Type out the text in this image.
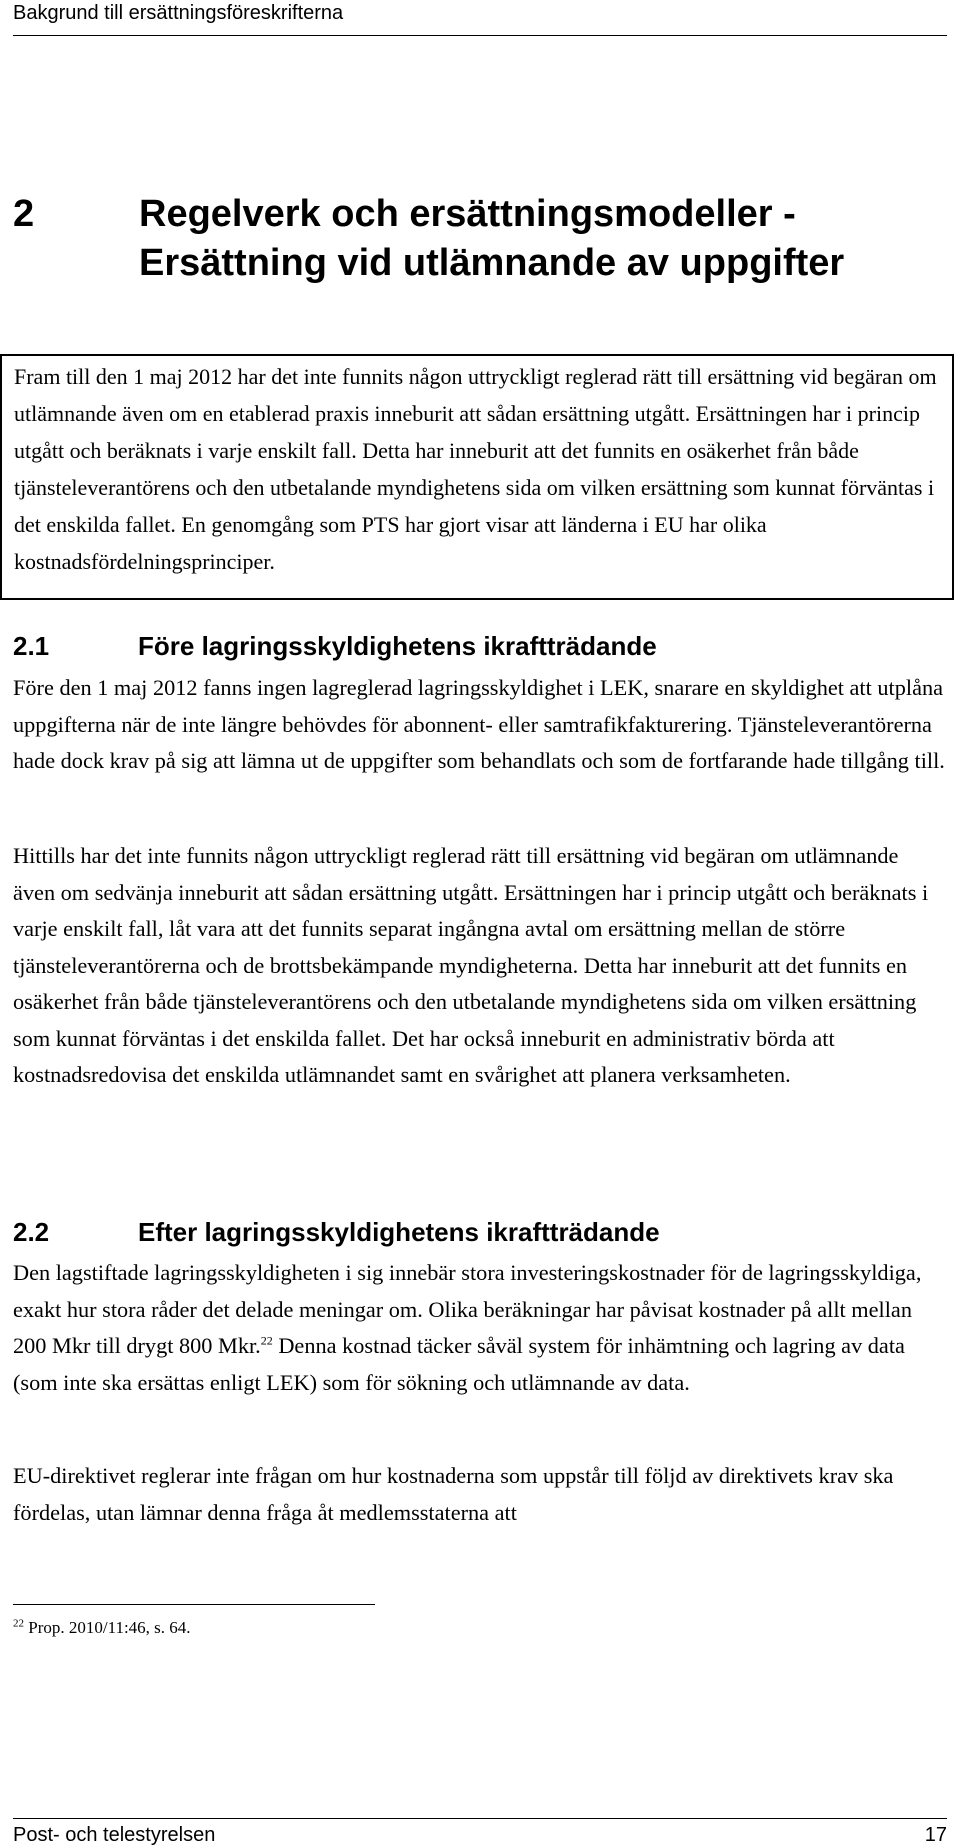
Bakgrund till ersättningsföreskrifterna
2	Regelverk och ersättningsmodeller - Ersättning vid utlämnande av uppgifter

Fram till den 1 maj 2012 har det inte funnits någon uttryckligt reglerad rätt till ersättning vid begäran om utlämnande även om en etablerad praxis inneburit att sådan ersättning utgått. Ersättningen har i princip utgått och beräknats i varje enskilt fall. Detta har inneburit att det funnits en osäkerhet från både tjänsteleverantörens och den utbetalande myndighetens sida om vilken ersättning som kunnat förväntas i det enskilda fallet. En genomgång som PTS har gjort visar att länderna i EU har olika kostnadsfördelningsprinciper.

2.1	Före lagringsskyldighetens ikraftträdande

Före den 1 maj 2012 fanns ingen lagreglerad lagringsskyldighet i LEK, snarare en skyldighet att utplåna uppgifterna när de inte längre behövdes för abonnent- eller samtrafikfakturering. Tjänsteleverantörerna hade dock krav på sig att lämna ut de uppgifter som behandlats och som de fortfarande hade tillgång till.

Hittills har det inte funnits någon uttryckligt reglerad rätt till ersättning vid begäran om utlämnande även om sedvänja inneburit att sådan ersättning utgått. Ersättningen har i princip utgått och beräknats i varje enskilt fall, låt vara att det funnits separat ingångna avtal om ersättning mellan de större tjänsteleverantörerna och de brottsbekämpande myndigheterna. Detta har inneburit att det funnits en osäkerhet från både tjänsteleverantörens och den utbetalande myndighetens sida om vilken ersättning som kunnat förväntas i det enskilda fallet. Det har också inneburit en administrativ börda att kostnadsredovisa det enskilda utlämnandet samt en svårighet att planera verksamheten.

2.2	Efter lagringsskyldighetens ikraftträdande

Den lagstiftade lagringsskyldigheten i sig innebär stora investeringskostnader för de lagringsskyldiga, exakt hur stora råder det delade meningar om. Olika beräkningar har påvisat kostnader på allt mellan 200 Mkr till drygt 800 Mkr.$^{22}$ Denna kostnad täcker såväl system för inhämtning och lagring av data (som inte ska ersättas enligt LEK) som för sökning och utlämnande av data.

EU-direktivet reglerar inte frågan om hur kostnaderna som uppstår till följd av direktivets krav ska fördelas, utan lämnar denna fråga åt medlemsstaterna att

$^{22}$ Prop. 2010/11:46, s. 64.

Post- och telestyrelsen	17
